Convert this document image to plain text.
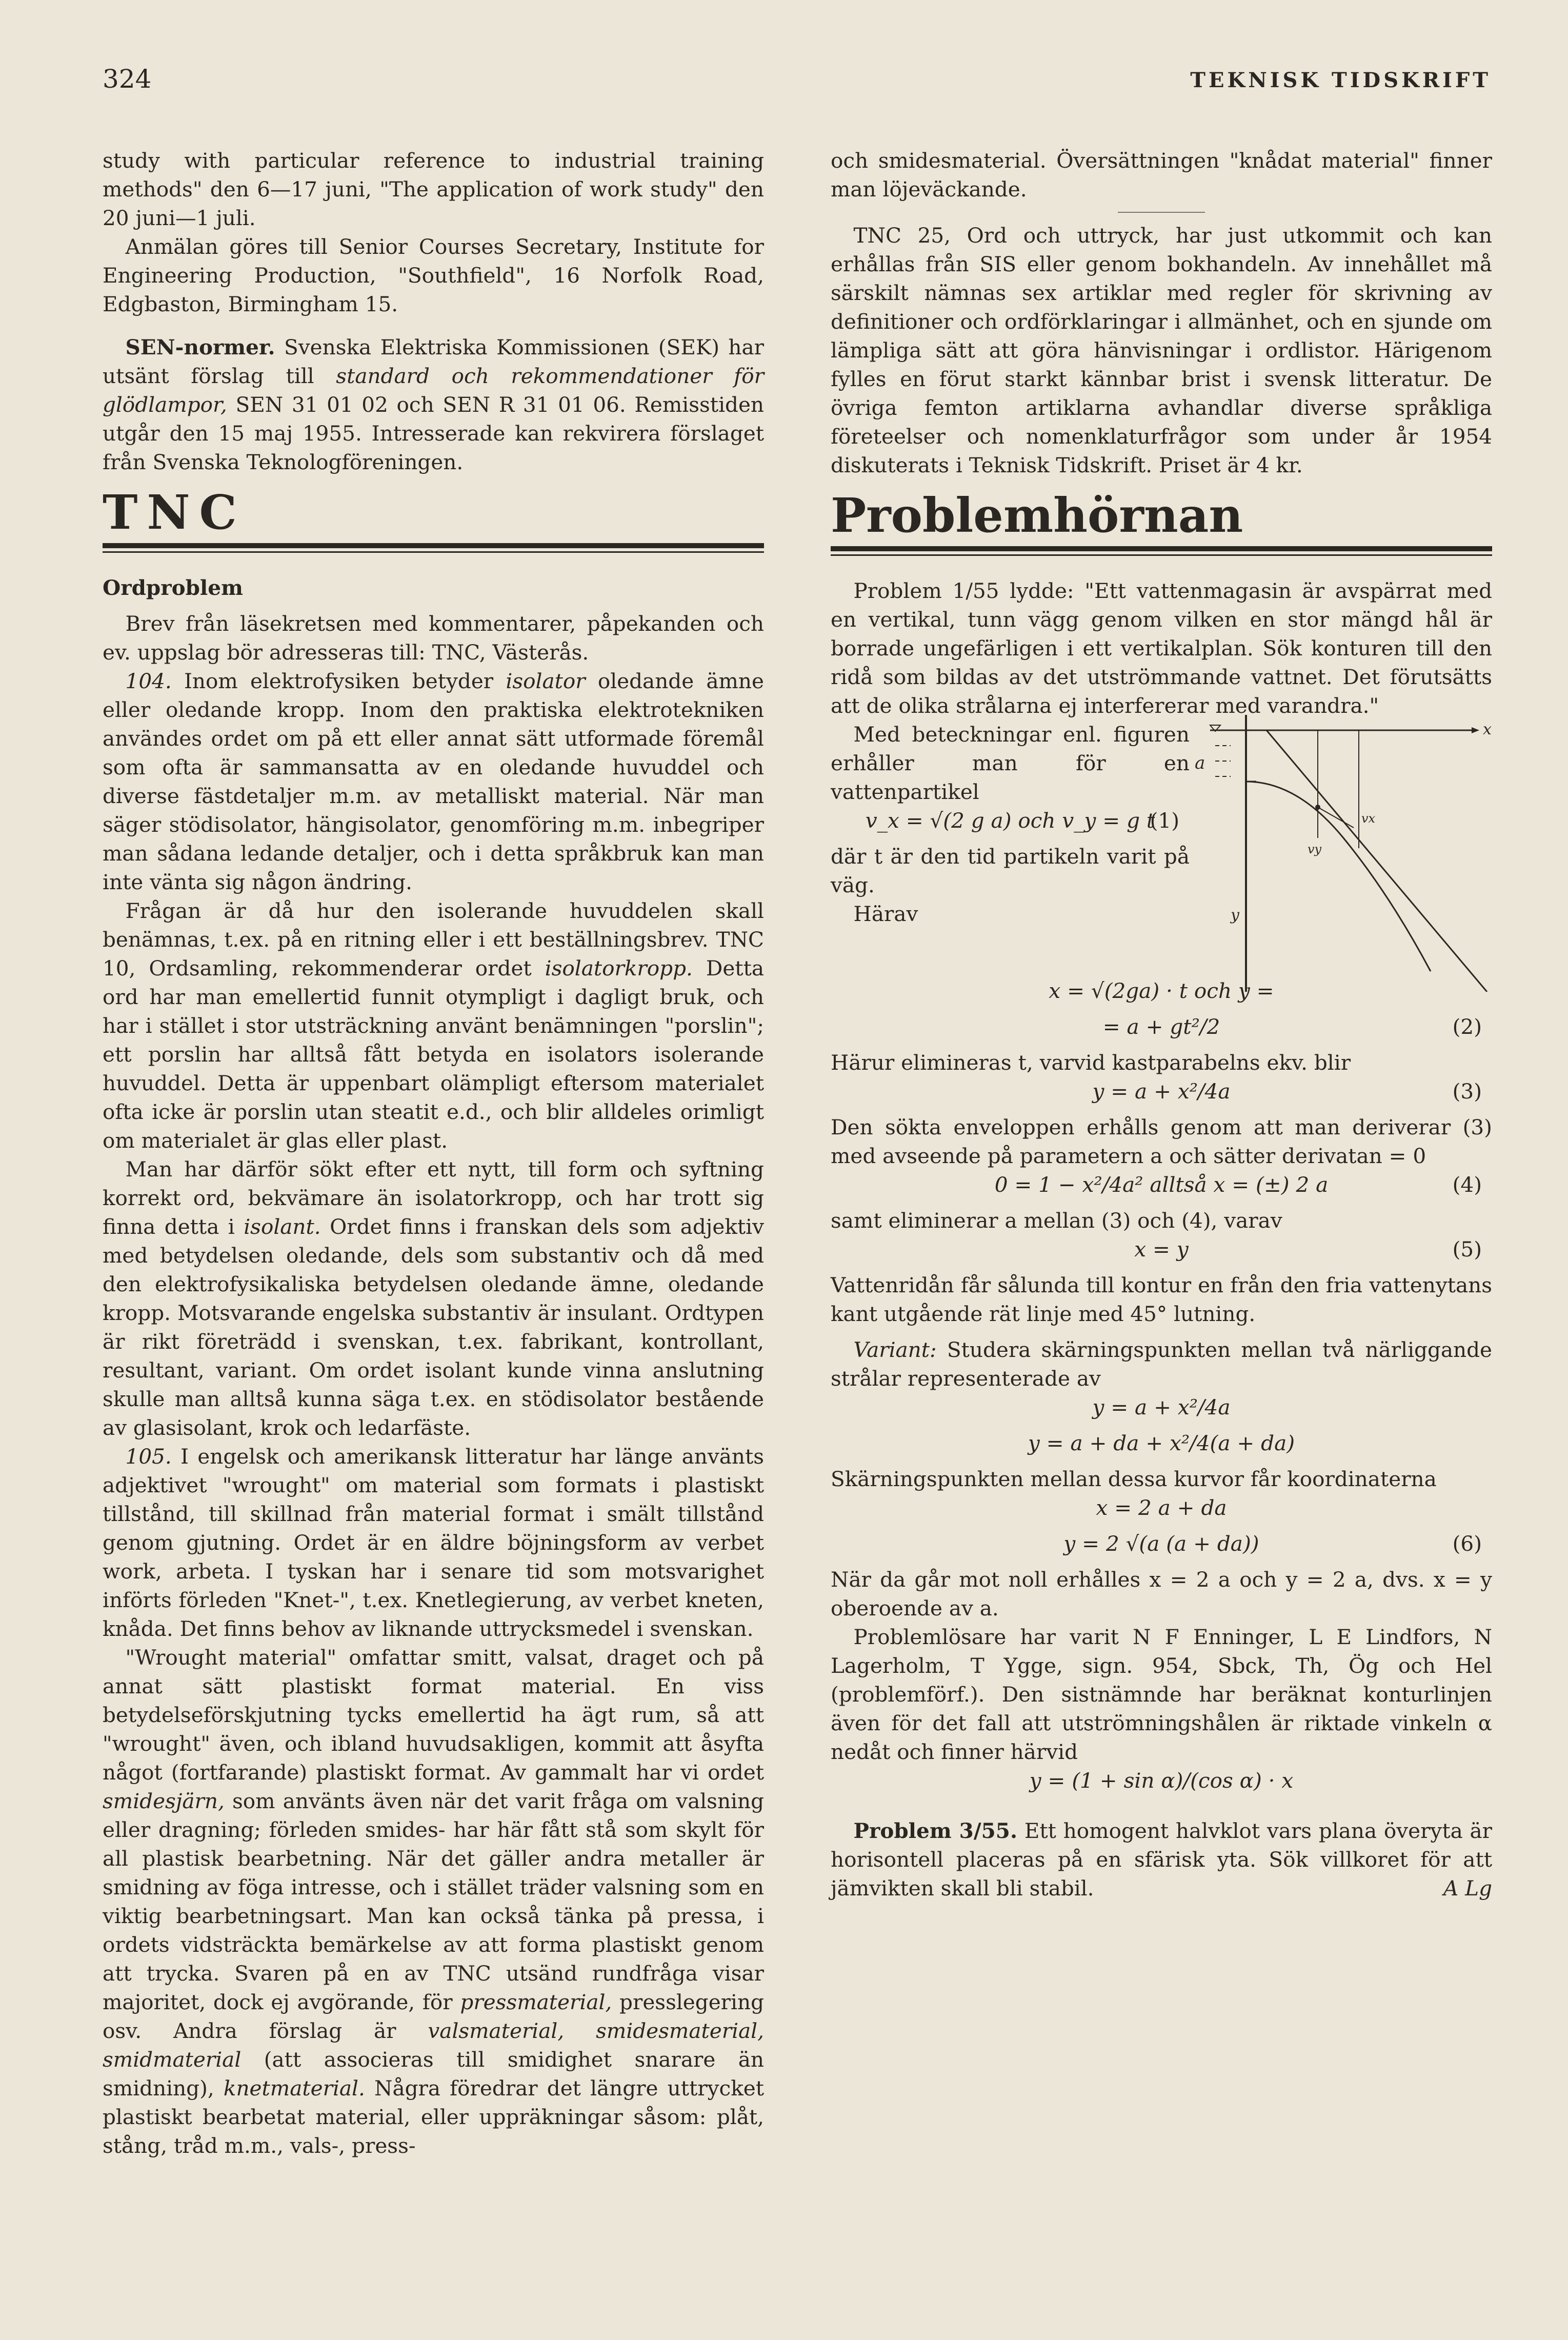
324	TEKNISK TIDSKRIFT

study with particular reference to industrial training methods" den 6—17 juni, "The application of work study" den 20 juni—1 juli.

Anmälan göres till Senior Courses Secretary, Institute for Engineering Production, "Southfield", 16 Norfolk Road, Edgbaston, Birmingham 15.

SEN-normer. Svenska Elektriska Kommissionen (SEK) har utsänt förslag till standard och rekommendationer för glödlampor, SEN 31 01 02 och SEN R 31 01 06. Remisstiden utgår den 15 maj 1955. Intresserade kan rekvirera förslaget från Svenska Teknologföreningen.

TNC

Ordproblem

Brev från läsekretsen med kommentarer, påpekanden och ev. uppslag bör adresseras till: TNC, Västerås.

104. Inom elektrofysiken betyder isolator oledande ämne eller oledande kropp. Inom den praktiska elektrotekniken användes ordet om på ett eller annat sätt utformade föremål som ofta är sammansatta av en oledande huvuddel och diverse fästdetaljer m.m. av metalliskt material. När man säger stödisolator, hängisolator, genomföring m.m. inbegriper man sådana ledande detaljer, och i detta språkbruk kan man inte vänta sig någon ändring.

Frågan är då hur den isolerande huvuddelen skall benämnas, t.ex. på en ritning eller i ett beställningsbrev. TNC 10, Ordsamling, rekommenderar ordet isolatorkropp. Detta ord har man emellertid funnit otympligt i dagligt bruk, och har i stället i stor utsträckning använt benämningen "porslin"; ett porslin har alltså fått betyda en isolators isolerande huvuddel. Detta är uppenbart olämpligt eftersom materialet ofta icke är porslin utan steatit e.d., och blir alldeles orimligt om materialet är glas eller plast.

Man har därför sökt efter ett nytt, till form och syftning korrekt ord, bekvämare än isolatorkropp, och har trott sig finna detta i isolant. Ordet finns i franskan dels som adjektiv med betydelsen oledande, dels som substantiv och då med den elektrofysikaliska betydelsen oledande ämne, oledande kropp. Motsvarande engelska substantiv är insulant. Ordtypen är rikt företrädd i svenskan, t.ex. fabrikant, kontrollant, resultant, variant. Om ordet isolant kunde vinna anslutning skulle man alltså kunna säga t.ex. en stödisolator bestående av glasisolant, krok och ledarfäste.

105. I engelsk och amerikansk litteratur har länge använts adjektivet "wrought" om material som formats i plastiskt tillstånd, till skillnad från material format i smält tillstånd genom gjutning. Ordet är en äldre böjningsform av verbet work, arbeta. I tyskan har i senare tid som motsvarighet införts förleden "Knet-", t.ex. Knetlegierung, av verbet kneten, knåda. Det finns behov av liknande uttrycksmedel i svenskan.

"Wrought material" omfattar smitt, valsat, draget och på annat sätt plastiskt format material. En viss betydelseförskjutning tycks emellertid ha ägt rum, så att "wrought" även, och ibland huvudsakligen, kommit att åsyfta något (fortfarande) plastiskt format. Av gammalt har vi ordet smidesjärn, som använts även när det varit fråga om valsning eller dragning; förleden smides- har här fått stå som skylt för all plastisk bearbetning. När det gäller andra metaller är smidning av föga intresse, och i stället träder valsning som en viktig bearbetningsart. Man kan också tänka på pressa, i ordets vidsträckta bemärkelse av att forma plastiskt genom att trycka. Svaren på en av TNC utsänd rundfråga visar majoritet, dock ej avgörande, för pressmaterial, presslegering osv. Andra förslag är valsmaterial, smidesmaterial, smidmaterial (att associeras till smidighet snarare än smidning), knetmaterial. Några föredrar det längre uttrycket plastiskt bearbetat material, eller uppräkningar såsom: plåt, stång, tråd m.m., vals-, press-

och smidesmaterial. Översättningen "knådat material" finner man löjeväckande.

TNC 25, Ord och uttryck, har just utkommit och kan erhållas från SIS eller genom bokhandeln. Av innehållet må särskilt nämnas sex artiklar med regler för skrivning av definitioner och ordförklaringar i allmänhet, och en sjunde om lämpliga sätt att göra hänvisningar i ordlistor. Härigenom fylles en förut starkt kännbar brist i svensk litteratur. De övriga femton artiklarna avhandlar diverse språkliga företeelser och nomenklaturfrågor som under år 1954 diskuterats i Teknisk Tidskrift. Priset är 4 kr.

Problemhörnan

Problem 1/55 lydde: "Ett vattenmagasin är avspärrat med en vertikal, tunn vägg genom vilken en stor mängd hål är borrade ungefärligen i ett vertikalplan. Sök konturen till den ridå som bildas av det utströmmande vattnet. Det förutsätts att de olika strålarna ej interfererar med varandra."

Med beteckningar enl. figuren erhåller man för en vattenpartikel

v_x = √(2 g a) och v_y = g t
(1)

där t är den tid partikeln varit på väg.

Härav

x
a
y
vx
vy
x = √(2ga) · t och y =
= a + gt²/2	(2)

Härur elimineras t, varvid kastparabelns ekv. blir

y = a + x²/4a	(3)

Den sökta enveloppen erhålls genom att man deriverar (3) med avseende på parametern a och sätter derivatan = 0

0 = 1 − x²/4a² alltså x = (±) 2 a	(4)

samt eliminerar a mellan (3) och (4), varav

x = y	(5)

Vattenridån får sålunda till kontur en från den fria vattenytans kant utgående rät linje med 45° lutning.

Variant: Studera skärningspunkten mellan två närliggande strålar representerade av

y = a + x²/4a
y = a + da + x²/4(a + da)

Skärningspunkten mellan dessa kurvor får koordinaterna

x = 2 a + da
y = 2 √(a (a + da))	(6)

När da går mot noll erhålles x = 2 a och y = 2 a, dvs. x = y oberoende av a.

Problemlösare har varit N F Enninger, L E Lindfors, N Lagerholm, T Ygge, sign. 954, Sbck, Th, Ög och Hel (problemförf.). Den sistnämnde har beräknat konturlinjen även för det fall att utströmningshålen är riktade vinkeln α nedåt och finner härvid

y = (1 + sin α)/(cos α) · x

Problem 3/55. Ett homogent halvklot vars plana överyta är horisontell placeras på en sfärisk yta. Sök villkoret för att jämvikten skall bli stabil.	A Lg
